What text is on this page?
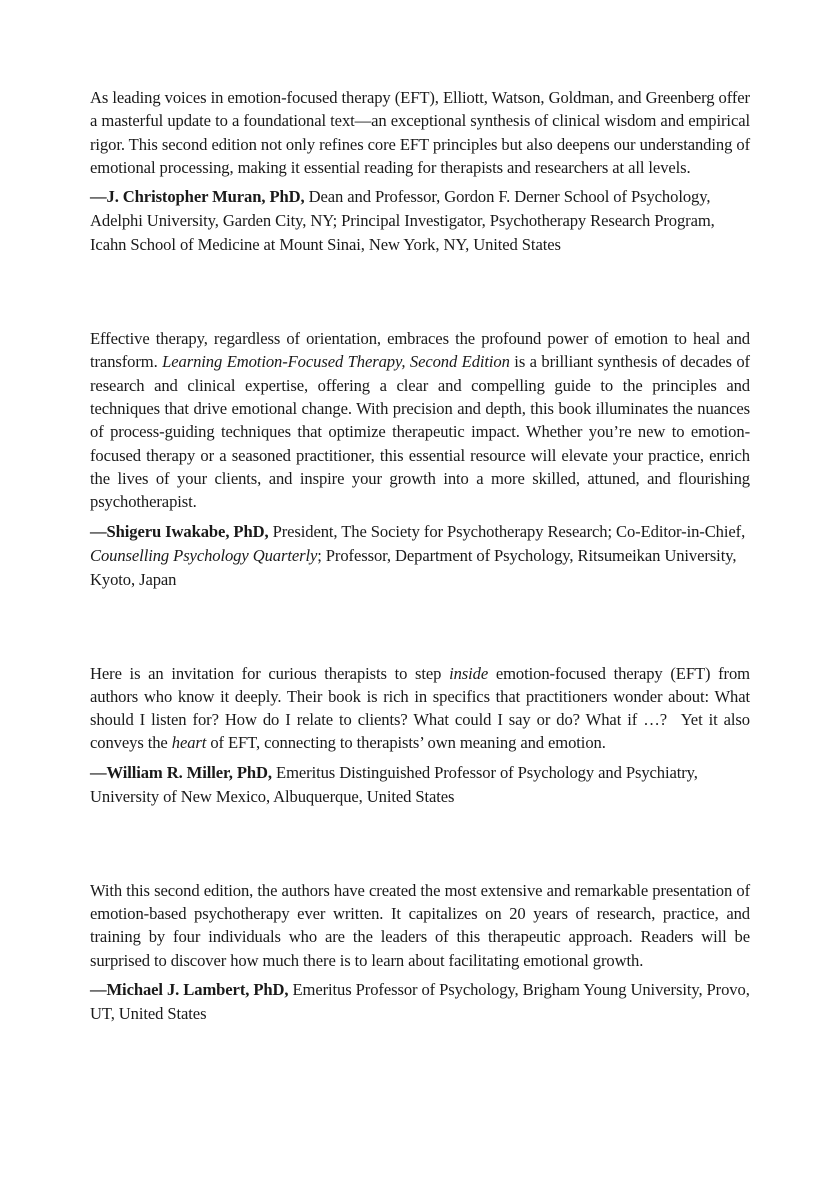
As leading voices in emotion-focused therapy (EFT), Elliott, Watson, Goldman, and Greenberg offer a masterful update to a foundational text—an exceptional synthesis of clinical wisdom and empirical rigor. This second edition not only refines core EFT principles but also deepens our understanding of emotional processing, making it essential reading for therapists and researchers at all levels.

—J. Christopher Muran, PhD, Dean and Professor, Gordon F. Derner School of Psychology, Adelphi University, Garden City, NY; Principal Investigator, Psychotherapy Research Program, Icahn School of Medicine at Mount Sinai, New York, NY, United States

Effective therapy, regardless of orientation, embraces the profound power of emotion to heal and transform. Learning Emotion-Focused Therapy, Second Edition is a brilliant synthesis of decades of research and clinical expertise, offering a clear and compelling guide to the principles and techniques that drive emotional change. With precision and depth, this book illuminates the nuances of process-guiding techniques that optimize therapeutic impact. Whether you’re new to emotion-focused therapy or a seasoned practitioner, this essential resource will elevate your practice, enrich the lives of your clients, and inspire your growth into a more skilled, attuned, and flourishing psychotherapist.

—Shigeru Iwakabe, PhD, President, The Society for Psychotherapy Research; Co-Editor-in-Chief, Counselling Psychology Quarterly; Professor, Department of Psychology, Ritsumeikan University, Kyoto, Japan

Here is an invitation for curious therapists to step inside emotion-focused therapy (EFT) from authors who know it deeply. Their book is rich in specifics that practitioners wonder about: What should I listen for? How do I relate to clients? What could I say or do? What if …?  Yet it also conveys the heart of EFT, connecting to therapists’ own meaning and emotion.

—William R. Miller, PhD, Emeritus Distinguished Professor of Psychology and Psychiatry, University of New Mexico, Albuquerque, United States

With this second edition, the authors have created the most extensive and remarkable presentation of emotion-based psychotherapy ever written. It capitalizes on 20 years of research, practice, and training by four individuals who are the leaders of this therapeutic approach. Readers will be surprised to discover how much there is to learn about facilitating emotional growth.

—Michael J. Lambert, PhD, Emeritus Professor of Psychology, Brigham Young University, Provo, UT, United States
